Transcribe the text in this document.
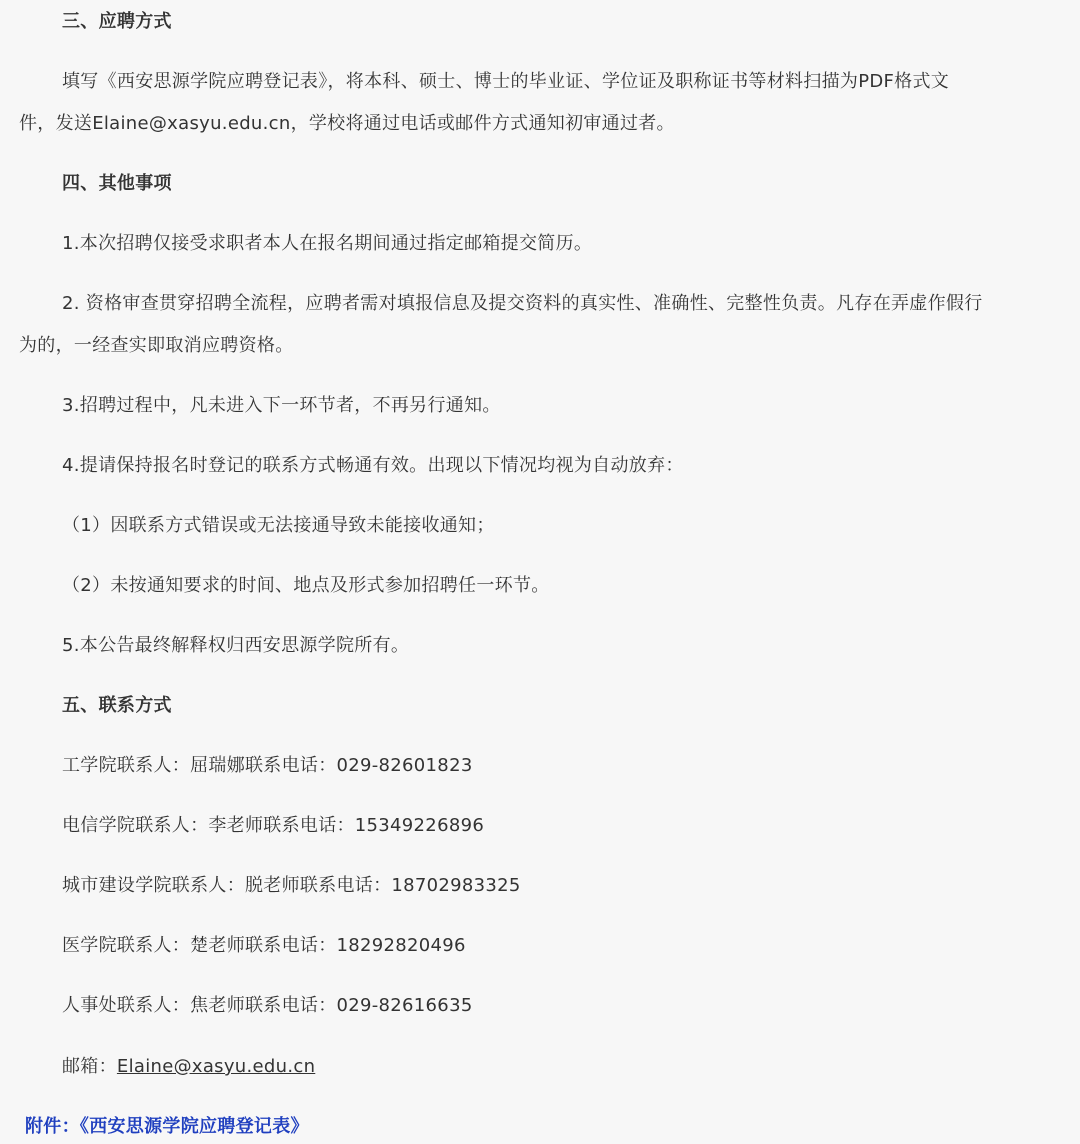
三、应聘方式

填写《西安思源学院应聘登记表》，将本科、硕士、博士的毕业证、学位证及职称证书等材料扫描为PDF格式文

件，发送Elaine@xasyu.edu.cn，学校将通过电话或邮件方式通知初审通过者。

四、其他事项

1.本次招聘仅接受求职者本人在报名期间通过指定邮箱提交简历。

2. 资格审查贯穿招聘全流程，应聘者需对填报信息及提交资料的真实性、准确性、完整性负责。凡存在弄虚作假行

为的，一经查实即取消应聘资格。

3.招聘过程中，凡未进入下一环节者，不再另行通知。

4.提请保持报名时登记的联系方式畅通有效。出现以下情况均视为自动放弃：

（1）因联系方式错误或无法接通导致未能接收通知；

（2）未按通知要求的时间、地点及形式参加招聘任一环节。

5.本公告最终解释权归西安思源学院所有。

五、联系方式

工学院联系人：屈瑞娜联系电话：029-82601823

电信学院联系人：李老师联系电话：15349226896

城市建设学院联系人：脱老师联系电话：18702983325

医学院联系人：楚老师联系电话：18292820496

人事处联系人：焦老师联系电话：029-82616635

邮箱：Elaine@xasyu.edu.cn

附件：《西安思源学院应聘登记表》
